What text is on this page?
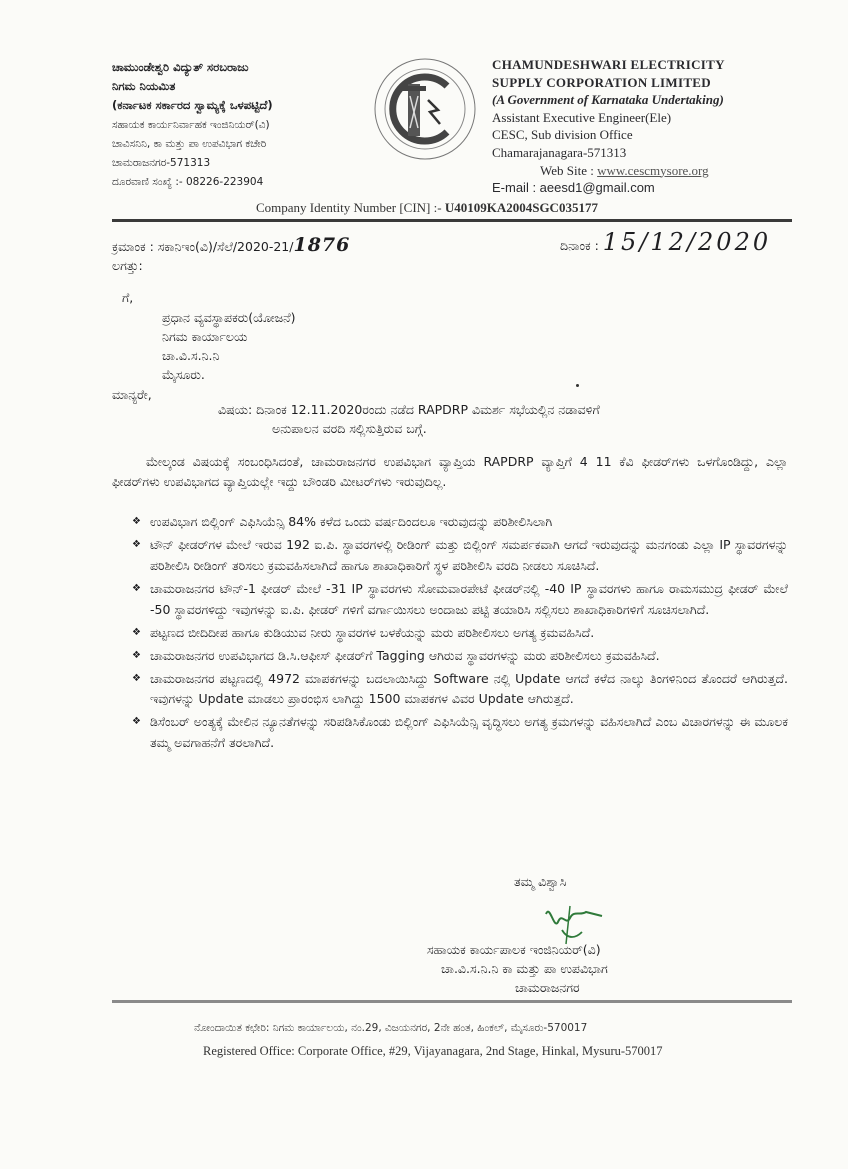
ಚಾಮುಂಡೇಶ್ವರಿ ವಿದ್ಯುತ್ ಸರಬರಾಜು
ನಿಗಮ ನಿಯಮಿತ
(ಕರ್ನಾಟಕ ಸರ್ಕಾರದ ಸ್ವಾಮ್ಯಕ್ಕೆ ಒಳಪಟ್ಟಿದೆ)
ಸಹಾಯಕ ಕಾರ್ಯನಿರ್ವಾಹಕ ಇಂಜಿನಿಯರ್(ವಿ)
ಚಾವಿಸನಿನಿ, ಕಾ ಮತ್ತು ಪಾ ಉಪವಿಭಾಗ ಕಚೇರಿ
ಚಾಮರಾಜನಗರ-571313
ದೂರವಾಣಿ ಸಂಖ್ಯೆ :- 08226-223904
CHAMUNDESHWARI ELECTRICITY
SUPPLY CORPORATION LIMITED
(A Government of Karnataka Undertaking)
Assistant Executive Engineer(Ele)
CESC, Sub division Office
Chamarajanagara-571313
Web Site : www.cescmysore.org
E-mail : aeesd1@gmail.com
Company Identity Number [CIN] :- U40109KA2004SGC035177
ಕ್ರಮಾಂಕ : ಸಕಾನಿಇಂ(ವಿ)/ಸೆಲೆ/2020-21/1876	ದಿನಾಂಕ : 15/12/2020
ಲಗತ್ತು:
ಗೆ,
ಪ್ರಧಾನ ವ್ಯವಸ್ಥಾಪಕರು(ಯೋಜನೆ)
ನಿಗಮ ಕಾರ್ಯಾಲಯ
ಚಾ.ವಿ.ಸ.ನಿ.ನಿ
ಮೈಸೂರು.
ಮಾನ್ಯರೇ,
ವಿಷಯ: ದಿನಾಂಕ 12.11.2020ರಂದು ನಡೆದ RAPDRP ವಿಮರ್ಶ ಸಭೆಯಲ್ಲಿನ ನಡಾವಳಿಗೆ
ಅನುಪಾಲನ ವರದಿ ಸಲ್ಲಿಸುತ್ತಿರುವ ಬಗ್ಗೆ.
ಮೇಲ್ಕಂಡ ವಿಷಯಕ್ಕೆ ಸಂಬಂಧಿಸಿದಂತೆ, ಚಾಮರಾಜನಗರ ಉಪವಿಭಾಗ ವ್ಯಾಪ್ತಿಯ RAPDRP ವ್ಯಾಪ್ತಿಗೆ 4 11 ಕೆವಿ ಫೀಡರ್‌ಗಳು ಒಳಗೊಂಡಿದ್ದು, ಎಲ್ಲಾ ಫೀಡರ್‌ಗಳು ಉಪವಿಭಾಗದ ವ್ಯಾಪ್ತಿಯಲ್ಲೇ ಇದ್ದು ಬೌಂಡರಿ ಮೀಟರ್‌ಗಳು ಇರುವುದಿಲ್ಲ.
❖ ಉಪವಿಭಾಗ ಬಿಲ್ಲಿಂಗ್ ಎಫಿಸಿಯೆನ್ಸಿ 84% ಕಳೆದ ಒಂದು ವರ್ಷದಿಂದಲೂ ಇರುವುದನ್ನು ಪರಿಶೀಲಿಸಿಲಾಗಿ
❖ ಟೌನ್ ಫೀಡರ್‌ಗಳ ಮೇಲೆ ಇರುವ 192 ಐ.ಪಿ. ಸ್ಥಾವರಗಳಲ್ಲಿ ರೀಡಿಂಗ್ ಮತ್ತು ಬಿಲ್ಲಿಂಗ್ ಸಮರ್ಪಕವಾಗಿ ಆಗದೆ ಇರುವುದನ್ನು ಮನಗಂಡು ಎಲ್ಲಾ IP ಸ್ಥಾವರಗಳನ್ನು ಪರಿಶೀಲಿಸಿ ರೀಡಿಂಗ್ ತರಿಸಲು ಕ್ರಮವಹಿಸಲಾಗಿದೆ ಹಾಗೂ ಶಾಖಾಧಿಕಾರಿಗೆ ಸ್ಥಳ ಪರಿಶೀಲಿಸಿ ವರದಿ ನೀಡಲು ಸೂಚಿಸಿದೆ.
❖ ಚಾಮರಾಜನಗರ ಟೌನ್-1 ಫೀಡರ್ ಮೇಲೆ -31 IP ಸ್ಥಾವರಗಳು ಸೋಮವಾರಪೇಟೆ ಫೀಡರ್‌ನಲ್ಲಿ -40 IP ಸ್ಥಾವರಗಳು ಹಾಗೂ ರಾಮಸಮುದ್ರ ಫೀಡರ್ ಮೇಲೆ -50 ಸ್ಥಾವರಗಳಿದ್ದು ಇವುಗಳನ್ನು ಐ.ಪಿ. ಫೀಡರ್ ಗಳಿಗೆ ವರ್ಗಾಯಿಸಲು ಅಂದಾಜು ಪಟ್ಟಿ ತಯಾರಿಸಿ ಸಲ್ಲಿಸಲು ಶಾಖಾಧಿಕಾರಿಗಳಿಗೆ ಸೂಚಿಸಲಾಗಿದೆ.
❖ ಪಟ್ಟಣದ ಬೀದಿದೀಪ ಹಾಗೂ ಕುಡಿಯುವ ನೀರು ಸ್ಥಾವರಗಳ ಬಳಕೆಯನ್ನು ಮರು ಪರಿಶೀಲಿಸಲು ಅಗತ್ಯ ಕ್ರಮವಹಿಸಿದೆ.
❖ ಚಾಮರಾಜನಗರ ಉಪವಿಭಾಗದ ಡಿ.ಸಿ.ಆಫೀಸ್ ಫೀಡರ್‌ಗೆ Tagging ಆಗಿರುವ ಸ್ಥಾವರಗಳನ್ನು ಮರು ಪರಿಶೀಲಿಸಲು ಕ್ರಮವಹಿಸಿದೆ.
❖ ಚಾಮರಾಜನಗರ ಪಟ್ಟಣದಲ್ಲಿ 4972 ಮಾಪಕಗಳನ್ನು ಬದಲಾಯಿಸಿದ್ದು Software ನಲ್ಲಿ Update ಆಗದೆ ಕಳೆದ ನಾಲ್ಕು ತಿಂಗಳಿನಿಂದ ತೊಂದರೆ ಆಗಿರುತ್ತದೆ. ಇವುಗಳನ್ನು Update ಮಾಡಲು ಪ್ರಾರಂಭಿಸ ಲಾಗಿದ್ದು 1500 ಮಾಪಕಗಳ ವಿವರ Update ಆಗಿರುತ್ತದೆ.
❖ ಡಿಸೆಂಬರ್ ಅಂತ್ಯಕ್ಕೆ ಮೇಲಿನ ನ್ಯೂನತೆಗಳನ್ನು ಸರಿಪಡಿಸಿಕೊಂಡು ಬಿಲ್ಲಿಂಗ್ ಎಫಿಸಿಯೆನ್ಸಿ ವೃದ್ಧಿಸಲು ಅಗತ್ಯ ಕ್ರಮಗಳನ್ನು ವಹಿಸಲಾಗಿದೆ ಎಂಬ ವಿಚಾರಗಳನ್ನು ಈ ಮೂಲಕ ತಮ್ಮ ಅವಗಾಹನೆಗೆ ತರಲಾಗಿದೆ.
ತಮ್ಮ ವಿಶ್ವಾಸಿ
ಸಹಾಯಕ ಕಾರ್ಯಪಾಲಕ ಇಂಜಿನಿಯರ್(ವಿ)
ಚಾ.ವಿ.ಸ.ನಿ.ನಿ ಕಾ ಮತ್ತು ಪಾ ಉಪವಿಭಾಗ
ಚಾಮರಾಜನಗರ
ನೋಂದಾಯಿತ ಕಛೇರಿ: ನಿಗಮ ಕಾರ್ಯಾಲಯ, ನಂ.29, ವಿಜಯನಗರ, 2ನೇ ಹಂತ, ಹಿಂಕಲ್, ಮೈಸೂರು-570017
Registered Office: Corporate Office, #29, Vijayanagara, 2nd Stage, Hinkal, Mysuru-570017
